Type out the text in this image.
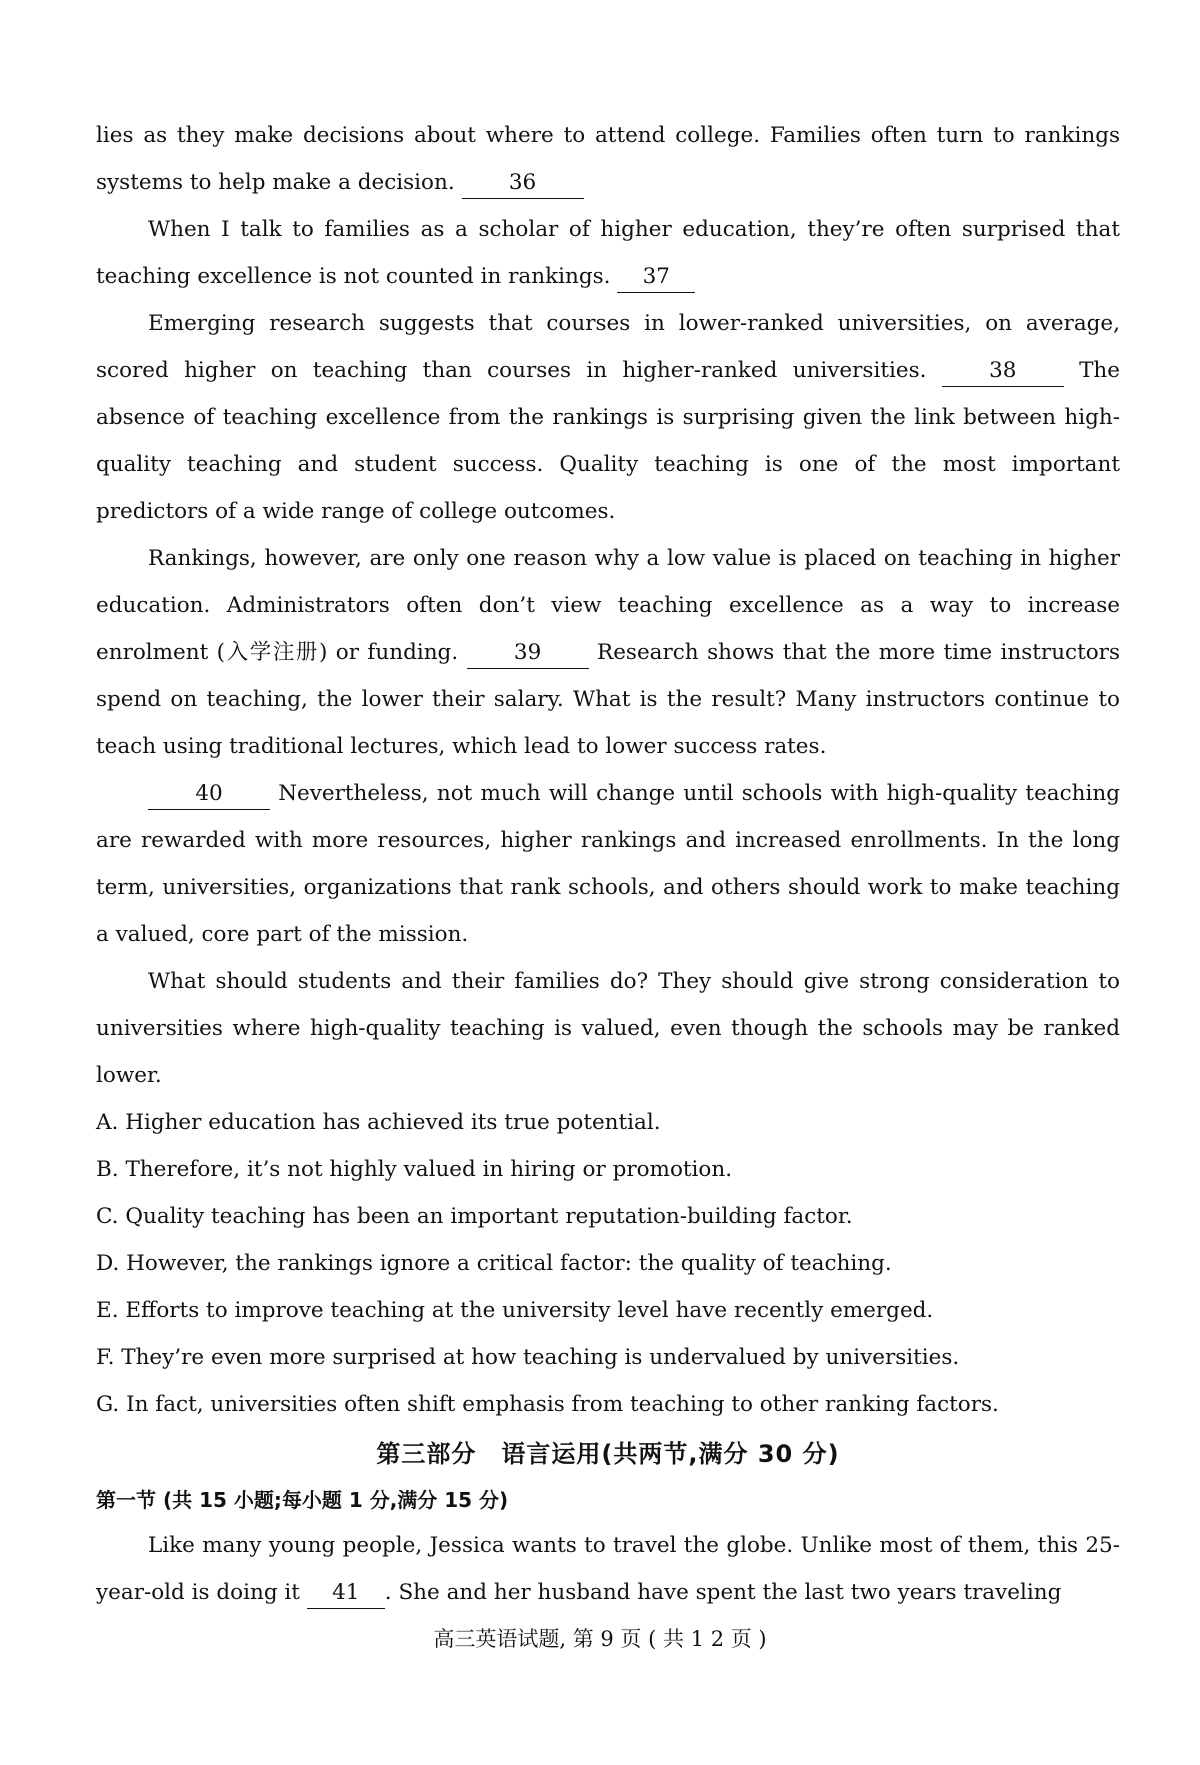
lies as they make decisions about where to attend college. Families often turn to rankings systems to help make a decision. 36

When I talk to families as a scholar of higher education, they’re often surprised that teaching excellence is not counted in rankings. 37

Emerging research suggests that courses in lower-ranked universities, on average, scored higher on teaching than courses in higher-ranked universities. 38	The absence of teaching excellence from the rankings is surprising given the link between high-quality teaching and student success. Quality teaching is one of the most important predictors of a wide range of college outcomes.

Rankings, however, are only one reason why a low value is placed on teaching in higher education. Administrators often don’t view teaching excellence as a way to increase enrolment (入学注册) or funding. 39	Research shows that the more time instructors spend on teaching, the lower their salary. What is the result? Many instructors continue to teach using traditional lectures, which lead to lower success rates.

40	Nevertheless, not much will change until schools with high-quality teaching are rewarded with more resources, higher rankings and increased enrollments. In the long term, universities, organizations that rank schools, and others should work to make teaching a valued, core part of the mission.

What should students and their families do? They should give strong consideration to universities where high-quality teaching is valued, even though the schools may be ranked lower.

A. Higher education has achieved its true potential.
B. Therefore, it’s not highly valued in hiring or promotion.
C. Quality teaching has been an important reputation-building factor.
D. However, the rankings ignore a critical factor: the quality of teaching.
E. Efforts to improve teaching at the university level have recently emerged.
F. They’re even more surprised at how teaching is undervalued by universities.
G. In fact, universities often shift emphasis from teaching to other ranking factors.
第三部分　语言运用(共两节,满分 30 分)
第一节 (共 15 小题;每小题 1 分,满分 15 分)

Like many young people, Jessica wants to travel the globe. Unlike most of them, this 25-year-old is doing it 41 . She and her husband have spent the last two years traveling

高三英语试题, 第 9 页 ( 共 1 2 页 )
